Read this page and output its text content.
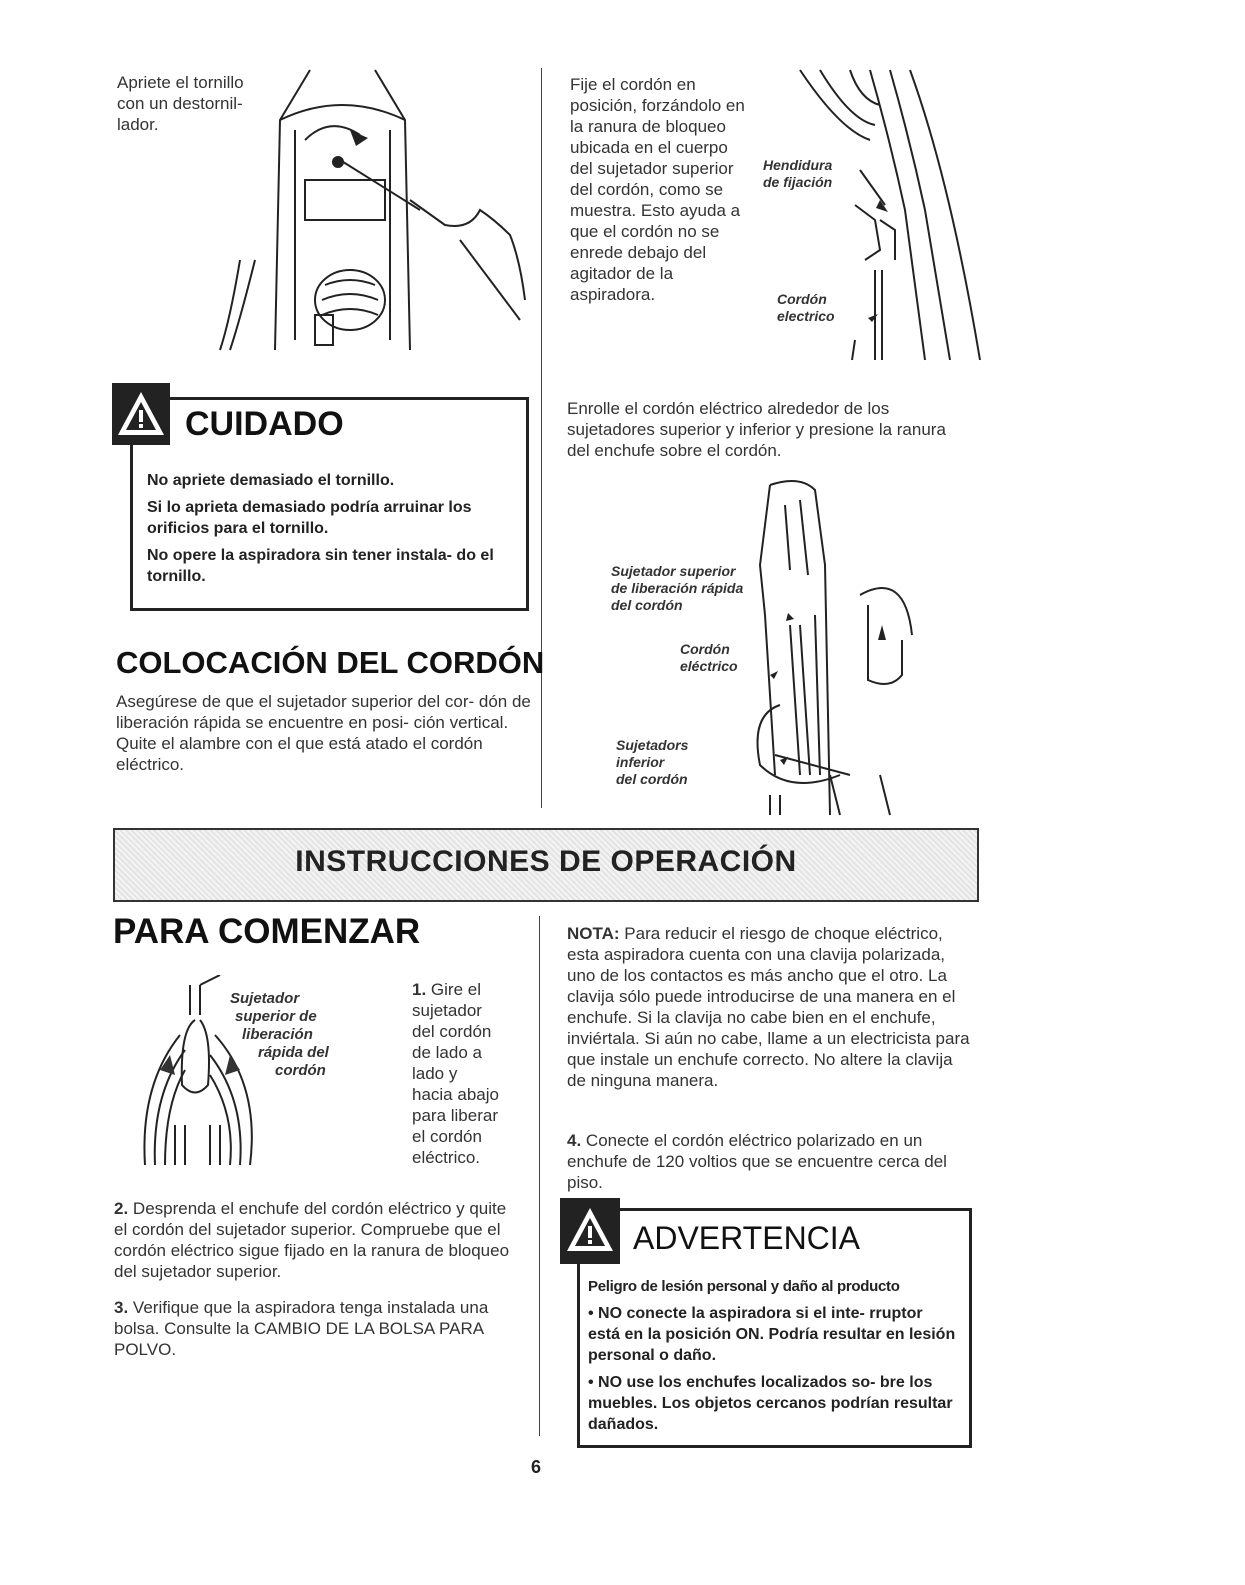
Apriete el tornillo
con un destornil-
lador.
CUIDADO

No apriete demasiado el tornillo.

Si lo aprieta demasiado podría arruinar los orificios para el tornillo.

No opere la aspiradora sin tener instala- do el tornillo.

COLOCACIÓN DEL CORDÓN
Asegúrese de que el sujetador superior del cor- dón de liberación rápida se encuentre en posi- ción vertical. Quite el alambre con el que está atado el cordón eléctrico.
Fije el cordón en posición, forzándolo en la ranura de bloqueo ubicada en el cuerpo del sujetador superior del cordón, como se muestra. Esto ayuda a que el cordón no se enrede debajo del agitador de la aspiradora.
Hendidura
de fijación
Cordón
electrico
Enrolle el cordón eléctrico alrededor de los sujetadores superior y inferior y presione la ranura del enchufe sobre el cordón.
Sujetador superior
de liberación rápida
del cordón
Cordón
eléctrico
Sujetadors
inferior
del cordón
INSTRUCCIONES DE OPERACIÓN
PARA COMENZAR
Sujetador
superior de
liberación
rápida del
cordón
1. Gire el
sujetador
del cordón
de lado a
lado y
hacia abajo
para liberar
el cordón
eléctrico.
2. Desprenda el enchufe del cordón eléctrico y quite el cordón del sujetador superior. Compruebe que el cordón eléctrico sigue fijado en la ranura de bloqueo del sujetador superior.
3. Verifique que la aspiradora tenga instalada una bolsa. Consulte la CAMBIO DE LA BOLSA PARA POLVO.
NOTA: Para reducir el riesgo de choque eléctrico, esta aspiradora cuenta con una clavija polarizada, uno de los contactos es más ancho que el otro. La clavija sólo puede introducirse de una manera en el enchufe. Si la clavija no cabe bien en el enchufe, inviértala. Si aún no cabe, llame a un electricista para que instale un enchufe correcto. No altere la clavija de ninguna manera.
4. Conecte el cordón eléctrico polarizado en un enchufe de 120 voltios que se encuentre cerca del piso.
ADVERTENCIA

Peligro de lesión personal y daño al producto

• NO conecte la aspiradora si el inte- rruptor está en la posición ON. Podría resultar en lesión personal o daño.

• NO use los enchufes localizados so- bre los muebles. Los objetos cercanos podrían resultar dañados.

6
